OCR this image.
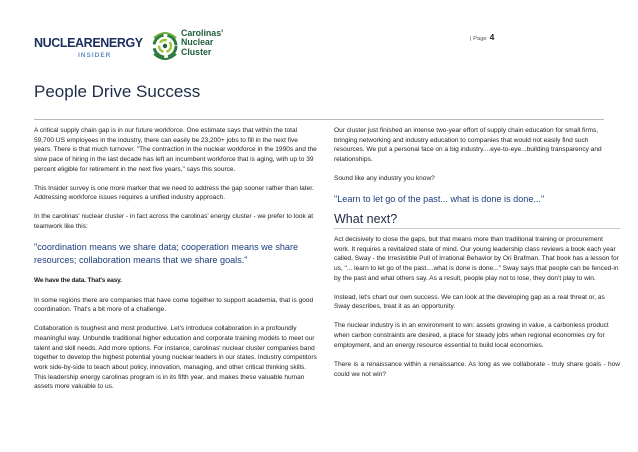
NUCLEARENERGY
INSIDER
Carolinas'
Nuclear
Cluster
| Page 4
People Drive Success

A critical supply chain gap is in our future workforce. One estimate says that within the total 59,700 US employees in the industry, there can easily be 23,200+ jobs to fill in the next five years. There is that much turnover. "The contraction in the nuclear workforce in the 1990s and the slow pace of hiring in the last decade has left an incumbent workforce that is aging, with up to 39 percent eligible for retirement in the next five years," says this source.

This Insider survey is one more marker that we need to address the gap sooner rather than later.
Addressing workforce issues requires a unified industry approach.

In the carolinas' nuclear cluster - in fact across the carolinas' energy cluster - we prefer to look at teamwork like this:

"coordination means we share data; cooperation means we share resources; collaboration means that we share goals."

We have the data. That's easy.

In some regions there are companies that have come together to support academia, that is good coordination. That's a bit more of a challenge.

Collaboration is toughest and most productive. Let's introduce collaboration in a profoundly meaningful way. Unbundle traditional higher education and corporate training models to meet our talent and skill needs. Add more options. For instance, carolinas' nuclear cluster companies band together to develop the highest potential young nuclear leaders in our states. Industry competitors work side-by-side to teach about policy, innovation, managing, and other critical thinking skills. This leadership energy carolinas program is in its fifth year, and makes these valuable human assets more valuable to us.

Our cluster just finished an intense two-year effort of supply chain education for small firms, bringing networking and industry education to companies that would not easily find such resources. We put a personal face on a big industry....eye-to-eye...building transparency and relationships.

Sound like any industry you know?

"Learn to let go of the past... what is done is done..."

What next?

Act decisively to close the gaps, but that means more than traditional training or procurement work. It requires a revitalized state of mind. Our young leadership class reviews a book each year called, Sway - the Irresistible Pull of Irrational Behavior by Ori Brafman. That book has a lesson for us, "... learn to let go of the past....what is done is done..." Sway says that people can be fenced-in by the past and what others say. As a result, people play not to lose, they don't play to win.

Instead, let's chart our own success. We can look at the developing gap as a real threat or, as Sway describes, treat it as an opportunity.

The nuclear industry is in an environment to win: assets growing in value, a carbonless product when carbon constraints are desired, a place for steady jobs when regional economies cry for employment, and an energy resource essential to build local economies.

There is a renaissance within a renaissance. As long as we collaborate - truly share goals - how could we not win?
